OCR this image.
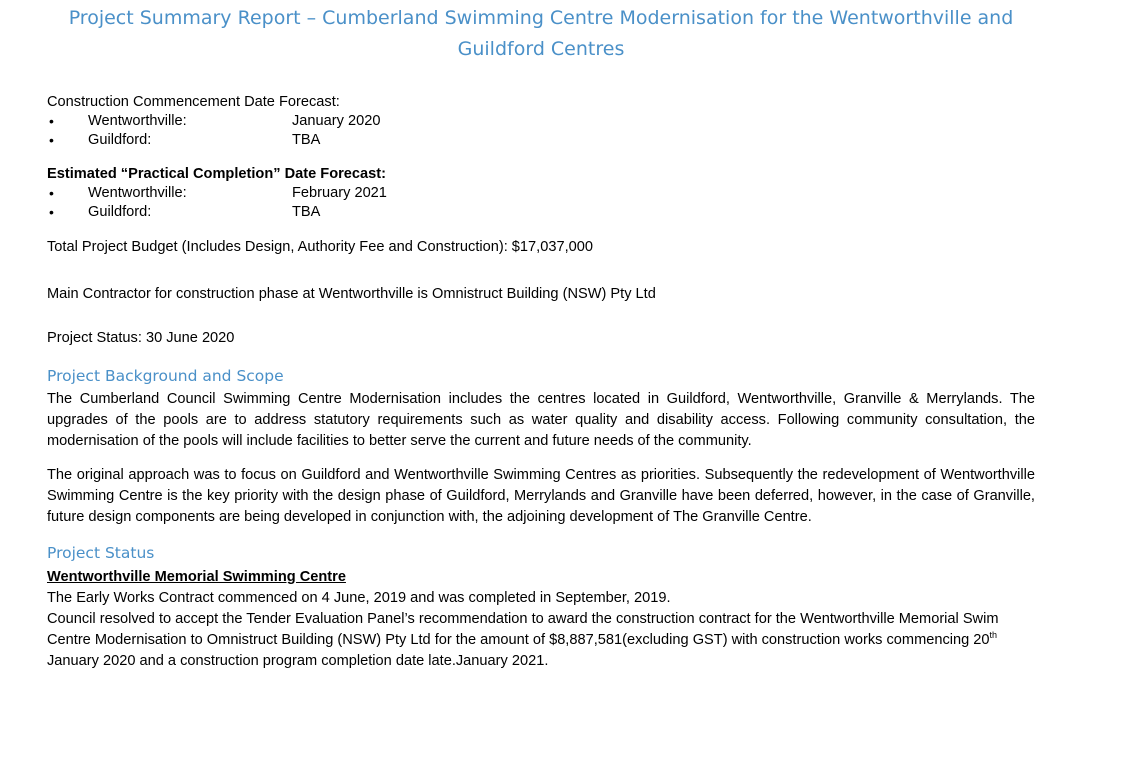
Project Summary Report – Cumberland Swimming Centre Modernisation for the Wentworthville and Guildford Centres
Construction Commencement Date Forecast:
• Wentworthville:	January 2020
• Guildford:	TBA
Estimated “Practical Completion” Date Forecast:
• Wentworthville:	February 2021
• Guildford:	TBA
Total Project Budget (Includes Design, Authority Fee and Construction): $17,037,000
Main Contractor for construction phase at Wentworthville is Omnistruct Building (NSW) Pty Ltd
Project Status: 30 June 2020
Project Background and Scope
The Cumberland Council Swimming Centre Modernisation includes the centres located in Guildford, Wentworthville, Granville & Merrylands. The upgrades of the pools are to address statutory requirements such as water quality and disability access. Following community consultation, the modernisation of the pools will include facilities to better serve the current and future needs of the community.
The original approach was to focus on Guildford and Wentworthville Swimming Centres as priorities. Subsequently the redevelopment of Wentworthville Swimming Centre is the key priority with the design phase of Guildford, Merrylands and Granville have been deferred, however, in the case of Granville, future design components are being developed in conjunction with, the adjoining development of The Granville Centre.
Project Status
Wentworthville Memorial Swimming Centre
The Early Works Contract commenced on 4 June, 2019 and was completed in September, 2019.
Council resolved to accept the Tender Evaluation Panel’s recommendation to award the construction contract for the Wentworthville Memorial Swim Centre Modernisation to Omnistruct Building (NSW) Pty Ltd for the amount of $8,887,581(excluding GST) with construction works commencing 20th January 2020 and a construction program completion date late.January 2021.
